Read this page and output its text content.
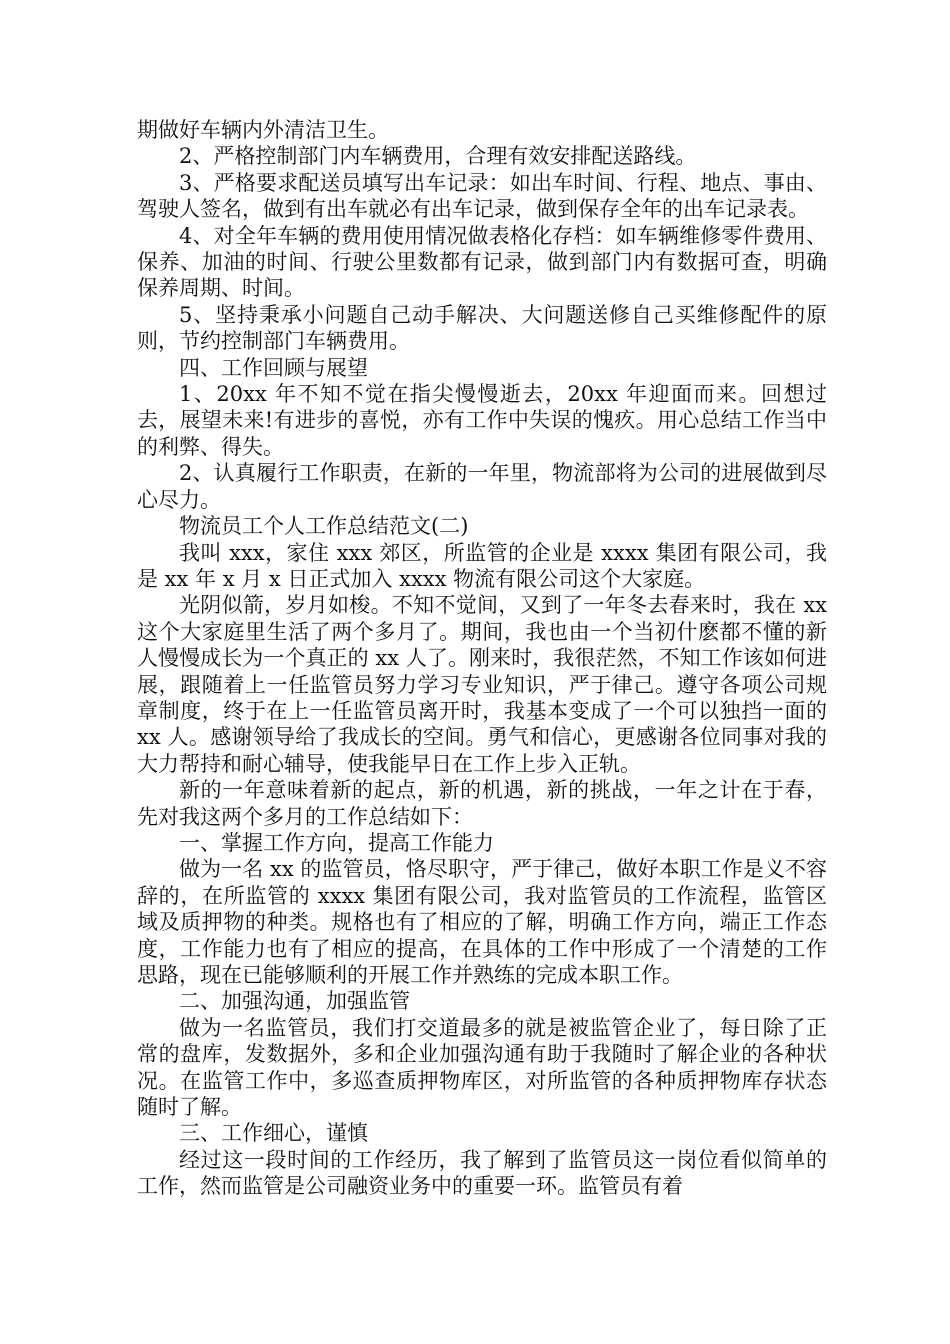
期做好车辆内外清洁卫生。

2、严格控制部门内车辆费用，合理有效安排配送路线。

3、严格要求配送员填写出车记录：如出车时间、行程、地点、事由、驾驶人签名，做到有出车就必有出车记录，做到保存全年的出车记录表。

4、对全年车辆的费用使用情况做表格化存档：如车辆维修零件费用、保养、加油的时间、行驶公里数都有记录，做到部门内有数据可查，明确保养周期、时间。

5、坚持秉承小问题自己动手解决、大问题送修自己买维修配件的原则，节约控制部门车辆费用。

四、工作回顾与展望

1、20xx 年不知不觉在指尖慢慢逝去，20xx 年迎面而来。回想过去，展望未来!有进步的喜悦，亦有工作中失误的愧疚。用心总结工作当中的利弊、得失。

2、认真履行工作职责，在新的一年里，物流部将为公司的进展做到尽心尽力。

物流员工个人工作总结范文(二)

我叫 xxx，家住 xxx 郊区，所监管的企业是 xxxx 集团有限公司，我是 xx 年 x 月 x 日正式加入 xxxx 物流有限公司这个大家庭。

光阴似箭，岁月如梭。不知不觉间，又到了一年冬去春来时，我在 xx 这个大家庭里生活了两个多月了。期间，我也由一个当初什麽都不懂的新人慢慢成长为一个真正的 xx 人了。刚来时，我很茫然，不知工作该如何进展，跟随着上一任监管员努力学习专业知识，严于律己。遵守各项公司规章制度，终于在上一任监管员离开时，我基本变成了一个可以独挡一面的 xx 人。感谢领导给了我成长的空间。勇气和信心，更感谢各位同事对我的大力帮持和耐心辅导，使我能早日在工作上步入正轨。

新的一年意味着新的起点，新的机遇，新的挑战，一年之计在于春，先对我这两个多月的工作总结如下：

一、掌握工作方向，提高工作能力

做为一名 xx 的监管员，恪尽职守，严于律己，做好本职工作是义不容辞的，在所监管的 xxxx 集团有限公司，我对监管员的工作流程，监管区域及质押物的种类。规格也有了相应的了解，明确工作方向，端正工作态度，工作能力也有了相应的提高，在具体的工作中形成了一个清楚的工作思路，现在已能够顺利的开展工作并熟练的完成本职工作。

二、加强沟通，加强监管

做为一名监管员，我们打交道最多的就是被监管企业了，每日除了正常的盘库，发数据外，多和企业加强沟通有助于我随时了解企业的各种状况。在监管工作中，多巡查质押物库区，对所监管的各种质押物库存状态随时了解。

三、工作细心，谨慎

经过这一段时间的工作经历，我了解到了监管员这一岗位看似简单的工作，然而监管是公司融资业务中的重要一环。监管员有着
